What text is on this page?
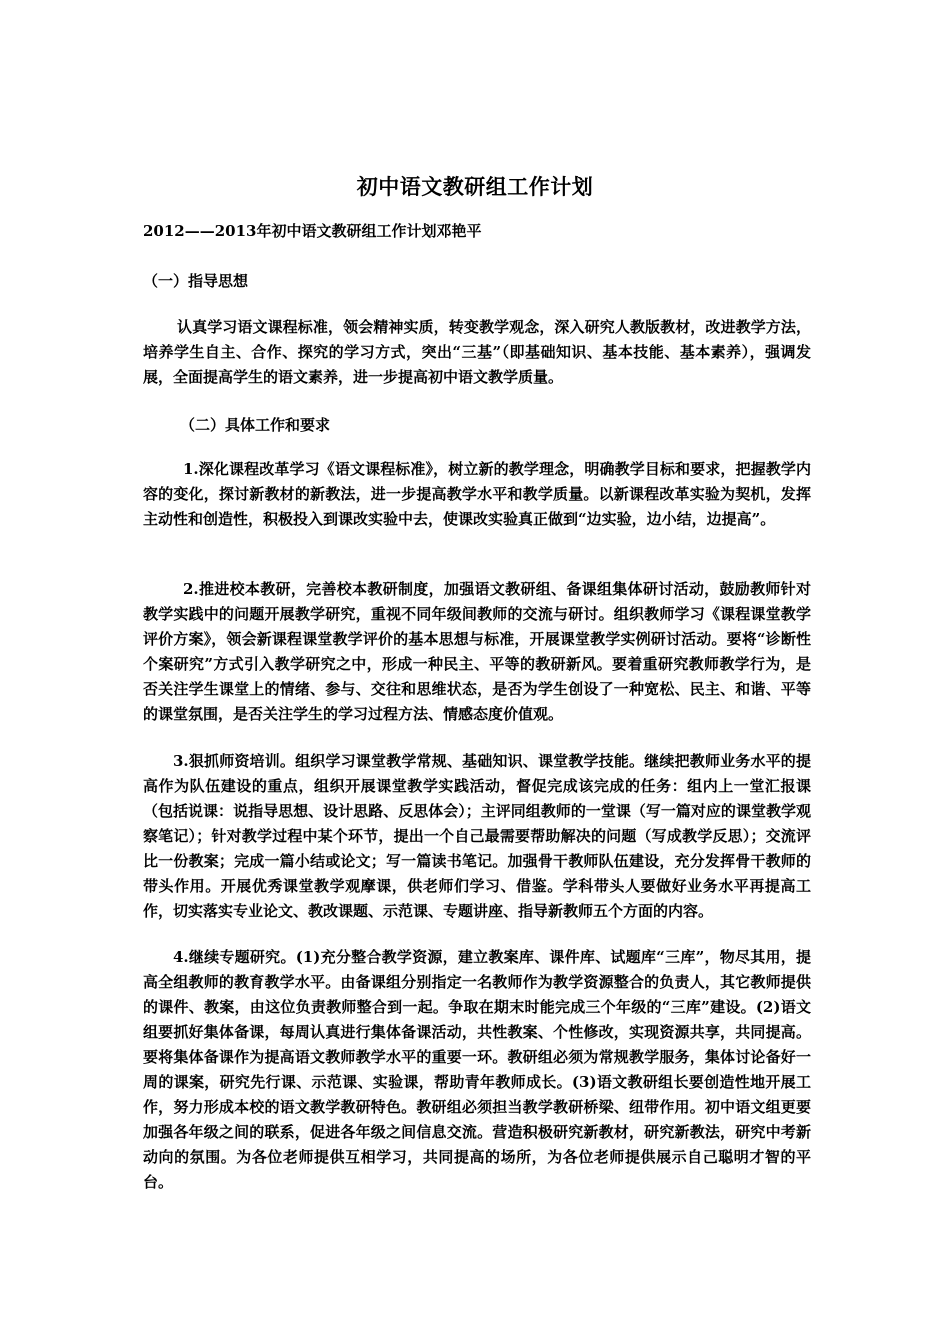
初中语文教研组工作计划
2012——2013年初中语文教研组工作计划邓艳平
（一）指导思想

认真学习语文课程标准，领会精神实质，转变教学观念，深入研究人教版教材，改进教学方法，培养学生自主、合作、探究的学习方式，突出“三基”（即基础知识、基本技能、基本素养），强调发展，全面提高学生的语文素养，进一步提高初中语文教学质量。

（二）具体工作和要求

1.深化课程改革学习《语文课程标准》，树立新的教学理念，明确教学目标和要求，把握教学内容的变化，探讨新教材的新教法，进一步提高教学水平和教学质量。以新课程改革实验为契机，发挥主动性和创造性，积极投入到课改实验中去，使课改实验真正做到“边实验，边小结，边提高”。

2.推进校本教研，完善校本教研制度，加强语文教研组、备课组集体研讨活动，鼓励教师针对教学实践中的问题开展教学研究，重视不同年级间教师的交流与研讨。组织教师学习《课程课堂教学评价方案》，领会新课程课堂教学评价的基本思想与标准，开展课堂教学实例研讨活动。要将“诊断性个案研究”方式引入教学研究之中，形成一种民主、平等的教研新风。要着重研究教师教学行为，是否关注学生课堂上的情绪、参与、交往和思维状态，是否为学生创设了一种宽松、民主、和谐、平等的课堂氛围，是否关注学生的学习过程方法、情感态度价值观。

3.狠抓师资培训。组织学习课堂教学常规、基础知识、课堂教学技能。继续把教师业务水平的提高作为队伍建设的重点，组织开展课堂教学实践活动，督促完成该完成的任务：组内上一堂汇报课（包括说课：说指导思想、设计思路、反思体会）；主评同组教师的一堂课（写一篇对应的课堂教学观察笔记）；针对教学过程中某个环节，提出一个自己最需要帮助解决的问题（写成教学反思）；交流评比一份教案；完成一篇小结或论文；写一篇读书笔记。加强骨干教师队伍建设，充分发挥骨干教师的带头作用。开展优秀课堂教学观摩课，供老师们学习、借鉴。学科带头人要做好业务水平再提高工作，切实落实专业论文、教改课题、示范课、专题讲座、指导新教师五个方面的内容。

4.继续专题研究。(1)充分整合教学资源，建立教案库、课件库、试题库“三库”，物尽其用，提高全组教师的教育教学水平。由备课组分别指定一名教师作为教学资源整合的负责人，其它教师提供的课件、教案，由这位负责教师整合到一起。争取在期末时能完成三个年级的“三库”建设。(2)语文组要抓好集体备课，每周认真进行集体备课活动，共性教案、个性修改，实现资源共享，共同提高。要将集体备课作为提高语文教师教学水平的重要一环。教研组必须为常规教学服务，集体讨论备好一周的课案，研究先行课、示范课、实验课，帮助青年教师成长。(3)语文教研组长要创造性地开展工作，努力形成本校的语文教学教研特色。教研组必须担当教学教研桥梁、纽带作用。初中语文组更要加强各年级之间的联系，促进各年级之间信息交流。营造积极研究新教材，研究新教法，研究中考新动向的氛围。为各位老师提供互相学习，共同提高的场所，为各位老师提供展示自己聪明才智的平台。
